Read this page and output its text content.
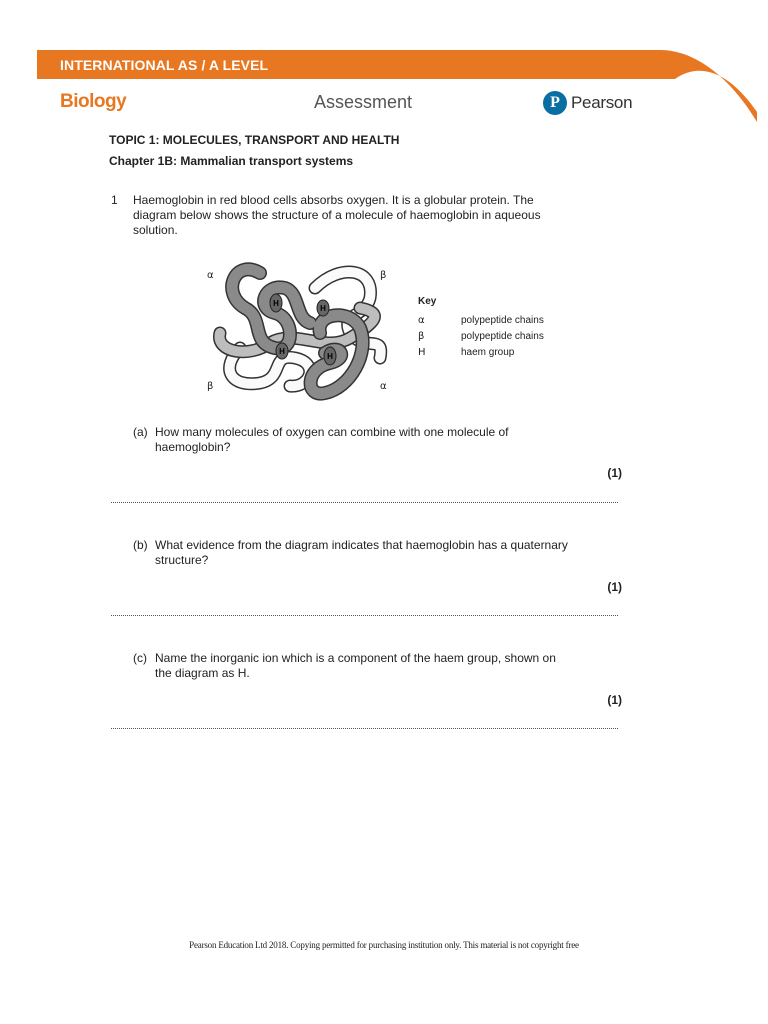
INTERNATIONAL AS / A LEVEL
Biology	Assessment	P Pearson
TOPIC 1: MOLECULES, TRANSPORT AND HEALTH
Chapter 1B: Mammalian transport systems
1 Haemoglobin in red blood cells absorbs oxygen. It is a globular protein. The diagram below shows the structure of a molecule of haemoglobin in aqueous solution.
H
H
H
H
α	β
β	α
Key
α	polypeptide chains
β	polypeptide chains
H	haem group
(a) How many molecules of oxygen can combine with one molecule of haemoglobin?
(1)
(b) What evidence from the diagram indicates that haemoglobin has a quaternary structure?
(1)
(c) Name the inorganic ion which is a component of the haem group, shown on the diagram as H.
(1)
Pearson Education Ltd 2018. Copying permitted for purchasing institution only. This material is not copyright free
